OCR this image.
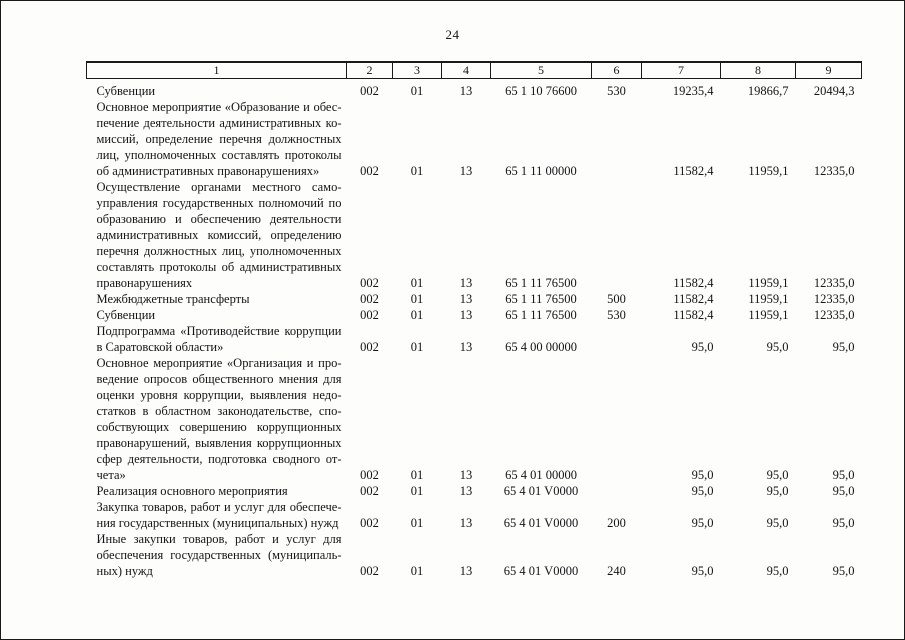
24
1	2	3	4	5	6	7	8	9
Субвенции	002	01	13	65 1 10 76600	530	19235,4	19866,7	20494,3
Основное мероприятие «Образование и обеспечение деятельности административных комиссий, определение перечня должностных лиц, уполномоченных составлять протоколы об административных правонарушениях»	002	01	13	65 1 11 00000		11582,4	11959,1	12335,0
Осуществление органами местного самоуправления государственных полномочий по образованию и обеспечению деятельности административных комиссий, определению перечня должностных лиц, уполномоченных составлять протоколы об административных правонарушениях	002	01	13	65 1 11 76500		11582,4	11959,1	12335,0
Межбюджетные трансферты	002	01	13	65 1 11 76500	500	11582,4	11959,1	12335,0
Субвенции	002	01	13	65 1 11 76500	530	11582,4	11959,1	12335,0
Подпрограмма «Противодействие коррупции в Саратовской области»	002	01	13	65 4 00 00000		95,0	95,0	95,0
Основное мероприятие «Организация и проведение опросов общественного мнения для оценки уровня коррупции, выявления недостатков в областном законодательстве, способствующих совершению коррупционных правонарушений, выявления коррупционных сфер деятельности, подготовка сводного отчета»	002	01	13	65 4 01 00000		95,0	95,0	95,0
Реализация основного мероприятия	002	01	13	65 4 01 V0000		95,0	95,0	95,0
Закупка товаров, работ и услуг для обеспечения государственных (муниципальных) нужд	002	01	13	65 4 01 V0000	200	95,0	95,0	95,0
Иные закупки товаров, работ и услуг для обеспечения государственных (муниципальных) нужд	002	01	13	65 4 01 V0000	240	95,0	95,0	95,0
